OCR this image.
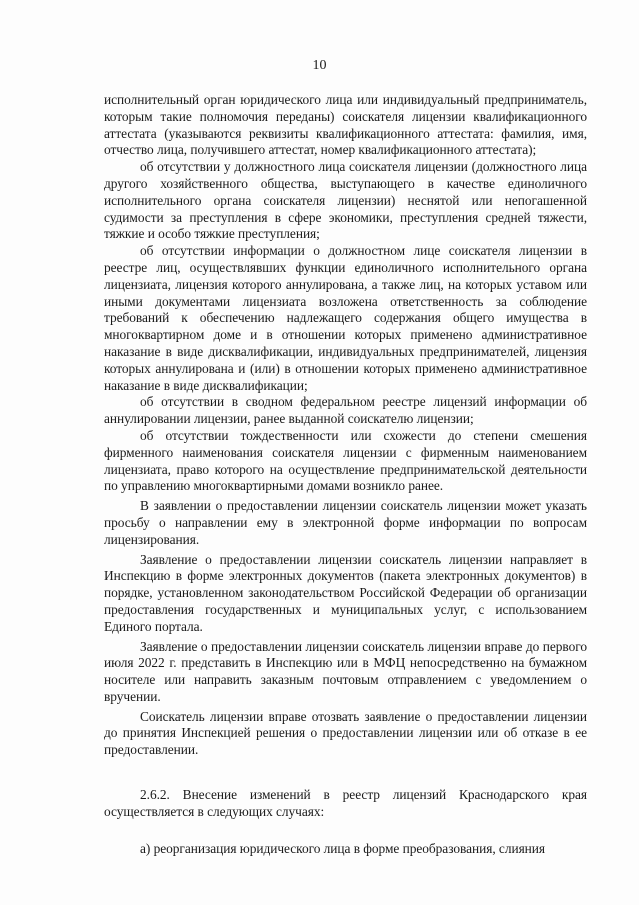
10

исполнительный орган юридического лица или индивидуальный предприниматель, которым такие полномочия переданы) соискателя лицензии квалификационного аттестата (указываются реквизиты квалификационного аттестата: фамилия, имя, отчество лица, получившего аттестат, номер квалификационного аттестата);

об отсутствии у должностного лица соискателя лицензии (должностного лица другого хозяйственного общества, выступающего в качестве единоличного исполнительного органа соискателя лицензии) неснятой или непогашенной судимости за преступления в сфере экономики, преступления средней тяжести, тяжкие и особо тяжкие преступления;

об отсутствии информации о должностном лице соискателя лицензии в реестре лиц, осуществлявших функции единоличного исполнительного органа лицензиата, лицензия которого аннулирована, а также лиц, на которых уставом или иными документами лицензиата возложена ответственность за соблюдение требований к обеспечению надлежащего содержания общего имущества в многоквартирном доме и в отношении которых применено административное наказание в виде дисквалификации, индивидуальных предпринимателей, лицензия которых аннулирована и (или) в отношении которых применено административное наказание в виде дисквалификации;

об отсутствии в сводном федеральном реестре лицензий информации об аннулировании лицензии, ранее выданной соискателю лицензии;

об отсутствии тождественности или схожести до степени смешения фирменного наименования соискателя лицензии с фирменным наименованием лицензиата, право которого на осуществление предпринимательской деятельности по управлению многоквартирными домами возникло ранее.

В заявлении о предоставлении лицензии соискатель лицензии может указать просьбу о направлении ему в электронной форме информации по вопросам лицензирования.

Заявление о предоставлении лицензии соискатель лицензии направляет в Инспекцию в форме электронных документов (пакета электронных документов) в порядке, установленном законодательством Российской Федерации об организации предоставления государственных и муниципальных услуг, с использованием Единого портала.

Заявление о предоставлении лицензии соискатель лицензии вправе до первого июля 2022 г. представить в Инспекцию или в МФЦ непосредственно на бумажном носителе или направить заказным почтовым отправлением с уведомлением о вручении.

Соискатель лицензии вправе отозвать заявление о предоставлении лицензии до принятия Инспекцией решения о предоставлении лицензии или об отказе в ее предоставлении.

2.6.2. Внесение изменений в реестр лицензий Краснодарского края осуществляется в следующих случаях:

а) реорганизация юридического лица в форме преобразования, слияния
